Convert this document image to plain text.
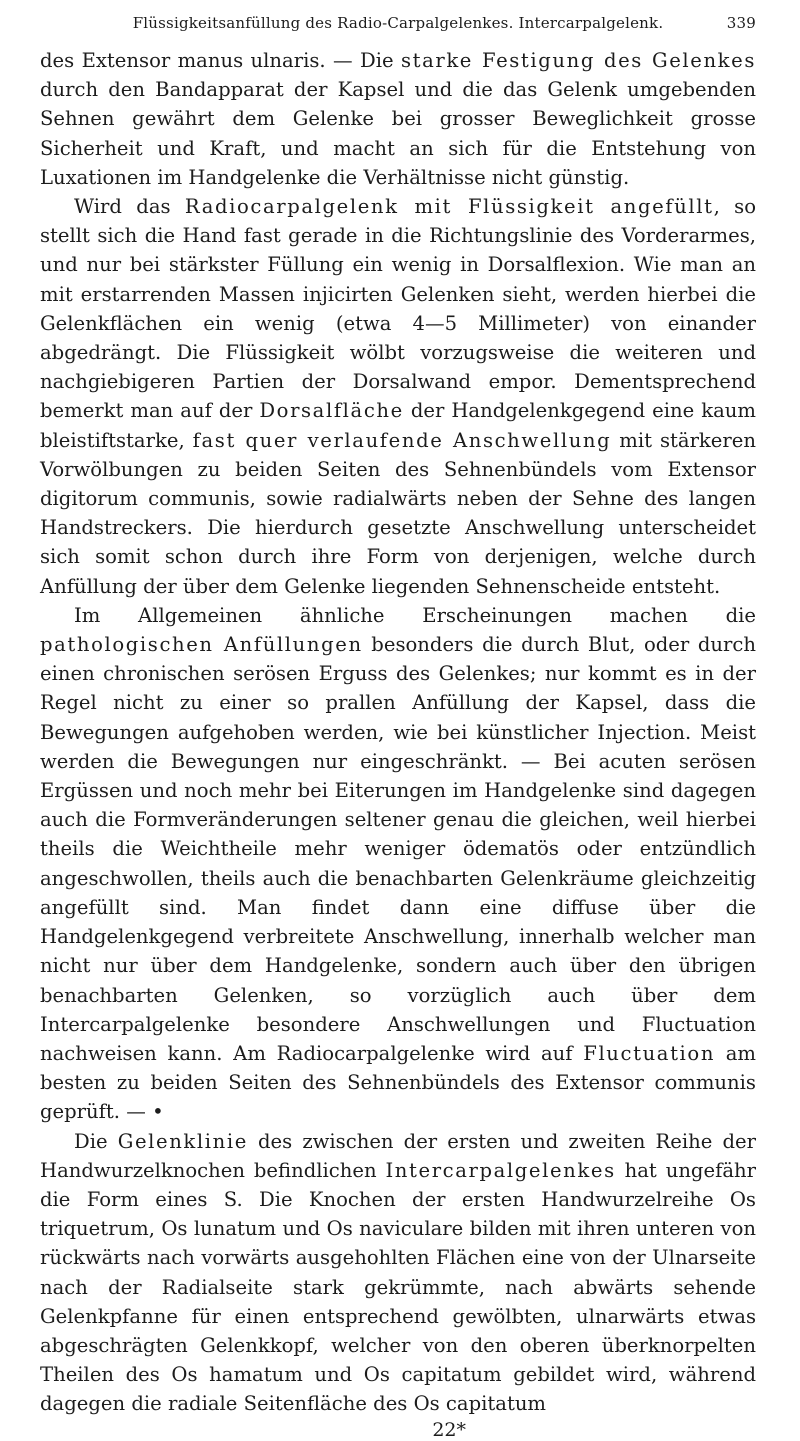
Flüssigkeitsanfüllung des Radio-Carpalgelenkes. Intercarpalgelenk.	339

des Extensor manus ulnaris. — Die starke Festigung des Gelenkes durch den Bandapparat der Kapsel und die das Gelenk umgebenden Sehnen gewährt dem Gelenke bei grosser Beweglichkeit grosse Sicherheit und Kraft, und macht an sich für die Entstehung von Luxationen im Handgelenke die Verhältnisse nicht günstig.

Wird das Radiocarpalgelenk mit Flüssigkeit angefüllt, so stellt sich die Hand fast gerade in die Richtungslinie des Vorderarmes, und nur bei stärkster Füllung ein wenig in Dorsalflexion. Wie man an mit erstarrenden Massen injicirten Gelenken sieht, werden hierbei die Gelenkflächen ein wenig (etwa 4—5 Millimeter) von einander abgedrängt. Die Flüssigkeit wölbt vorzugsweise die weiteren und nachgiebigeren Partien der Dorsalwand empor. Dementsprechend bemerkt man auf der Dorsalfläche der Handgelenkgegend eine kaum bleistiftstarke, fast quer verlaufende Anschwellung mit stärkeren Vorwölbungen zu beiden Seiten des Sehnenbündels vom Extensor digitorum communis, sowie radialwärts neben der Sehne des langen Handstreckers. Die hierdurch gesetzte Anschwellung unterscheidet sich somit schon durch ihre Form von derjenigen, welche durch Anfüllung der über dem Gelenke liegenden Sehnenscheide entsteht.

Im Allgemeinen ähnliche Erscheinungen machen die pathologischen Anfüllungen besonders die durch Blut, oder durch einen chronischen serösen Erguss des Gelenkes; nur kommt es in der Regel nicht zu einer so prallen Anfüllung der Kapsel, dass die Bewegungen aufgehoben werden, wie bei künstlicher Injection. Meist werden die Bewegungen nur eingeschränkt. — Bei acuten serösen Ergüssen und noch mehr bei Eiterungen im Handgelenke sind dagegen auch die Formveränderungen seltener genau die gleichen, weil hierbei theils die Weichtheile mehr weniger ödematös oder entzündlich angeschwollen, theils auch die benachbarten Gelenkräume gleichzeitig angefüllt sind. Man findet dann eine diffuse über die Handgelenkgegend verbreitete Anschwellung, innerhalb welcher man nicht nur über dem Handgelenke, sondern auch über den übrigen benachbarten Gelenken, so vorzüglich auch über dem Intercarpalgelenke besondere Anschwellungen und Fluctuation nachweisen kann. Am Radiocarpalgelenke wird auf Fluctuation am besten zu beiden Seiten des Sehnenbündels des Extensor communis geprüft. — •

Die Gelenklinie des zwischen der ersten und zweiten Reihe der Handwurzelknochen befindlichen Intercarpalgelenkes hat ungefähr die Form eines S. Die Knochen der ersten Handwurzelreihe Os triquetrum, Os lunatum und Os naviculare bilden mit ihren unteren von rückwärts nach vorwärts ausgehohlten Flächen eine von der Ulnarseite nach der Radialseite stark gekrümmte, nach abwärts sehende Gelenkpfanne für einen entsprechend gewölbten, ulnarwärts etwas abgeschrägten Gelenkkopf, welcher von den oberen überknorpelten Theilen des Os hamatum und Os capitatum gebildet wird, während dagegen die radiale Seitenfläche des Os capitatum

22*
